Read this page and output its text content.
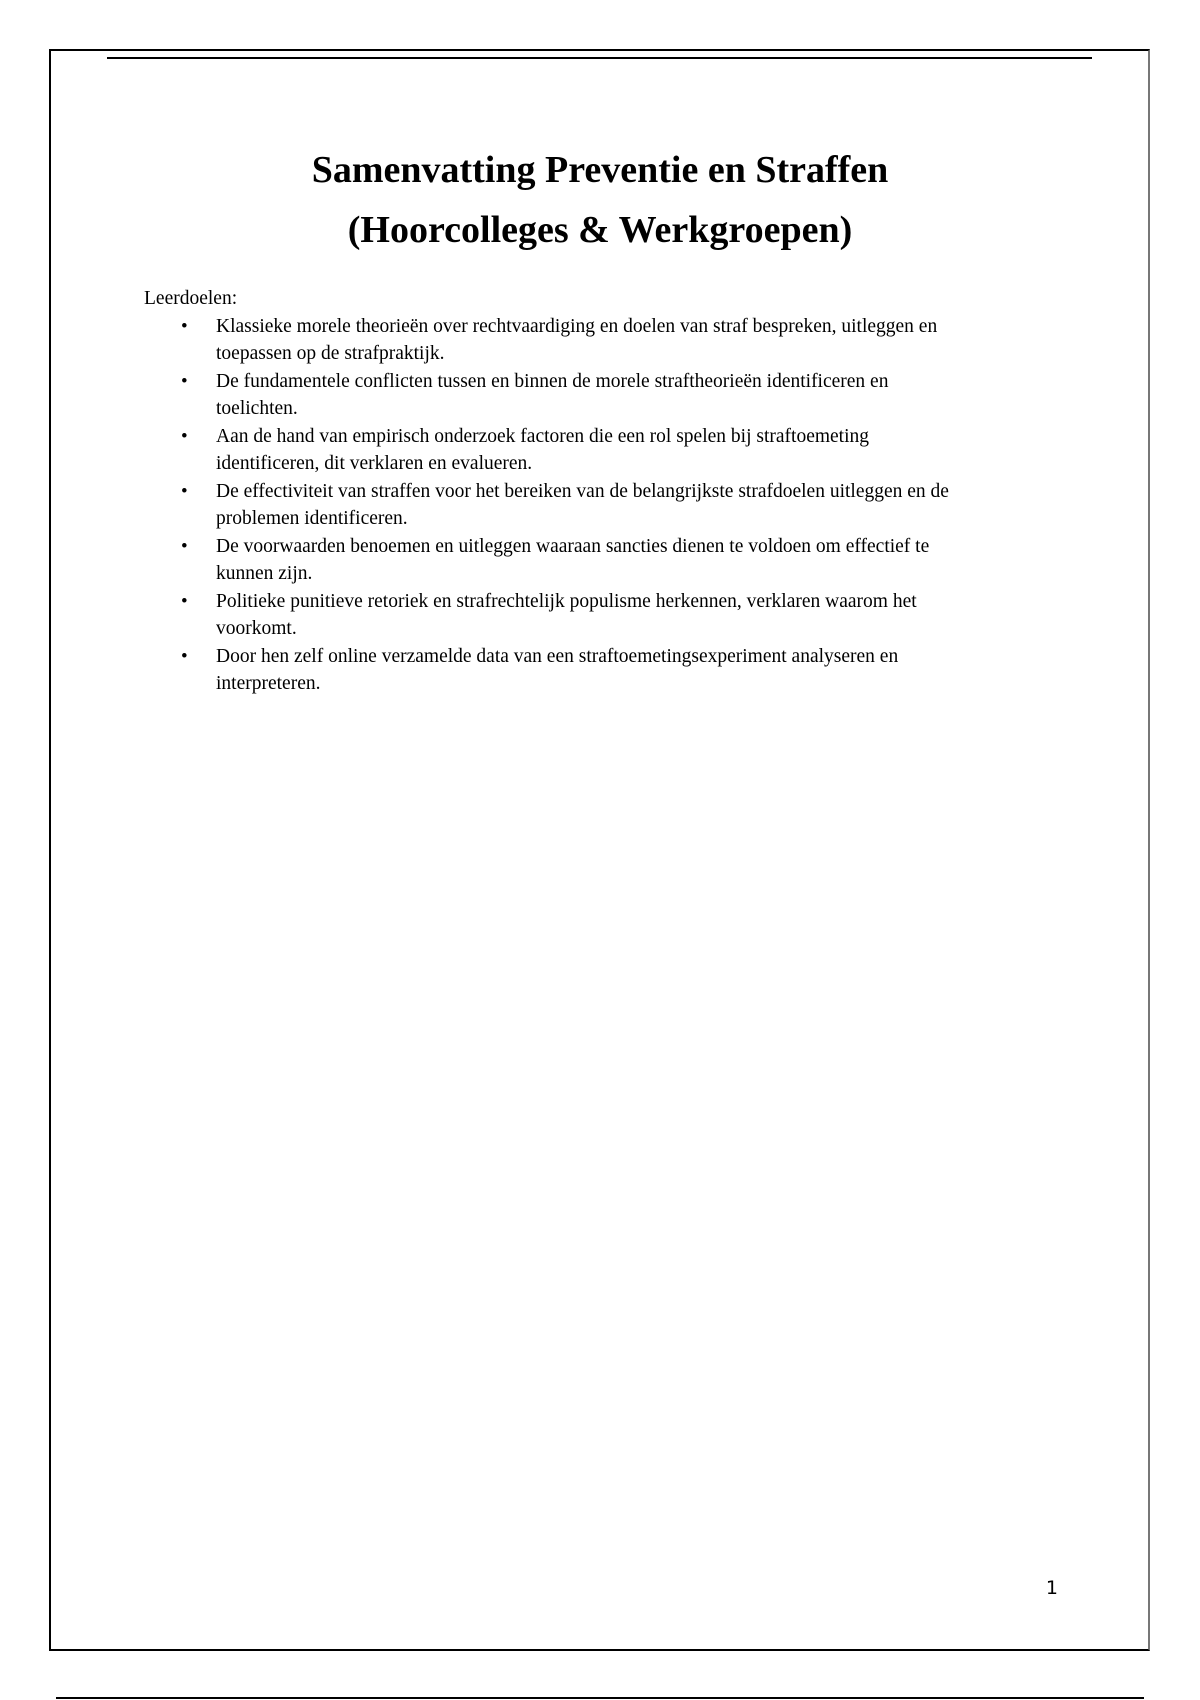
Samenvatting Preventie en Straffen
(Hoorcolleges & Werkgroepen)

Leerdoelen:

• Klassieke morele theorieën over rechtvaardiging en doelen van straf bespreken, uitleggen en
toepassen op de strafpraktijk.
• De fundamentele conflicten tussen en binnen de morele straftheorieën identificeren en
toelichten.
• Aan de hand van empirisch onderzoek factoren die een rol spelen bij straftoemeting
identificeren, dit verklaren en evalueren.
• De effectiviteit van straffen voor het bereiken van de belangrijkste strafdoelen uitleggen en de
problemen identificeren.
• De voorwaarden benoemen en uitleggen waaraan sancties dienen te voldoen om effectief te
kunnen zijn.
• Politieke punitieve retoriek en strafrechtelijk populisme herkennen, verklaren waarom het
voorkomt.
• Door hen zelf online verzamelde data van een straftoemetingsexperiment analyseren en
interpreteren.
1
